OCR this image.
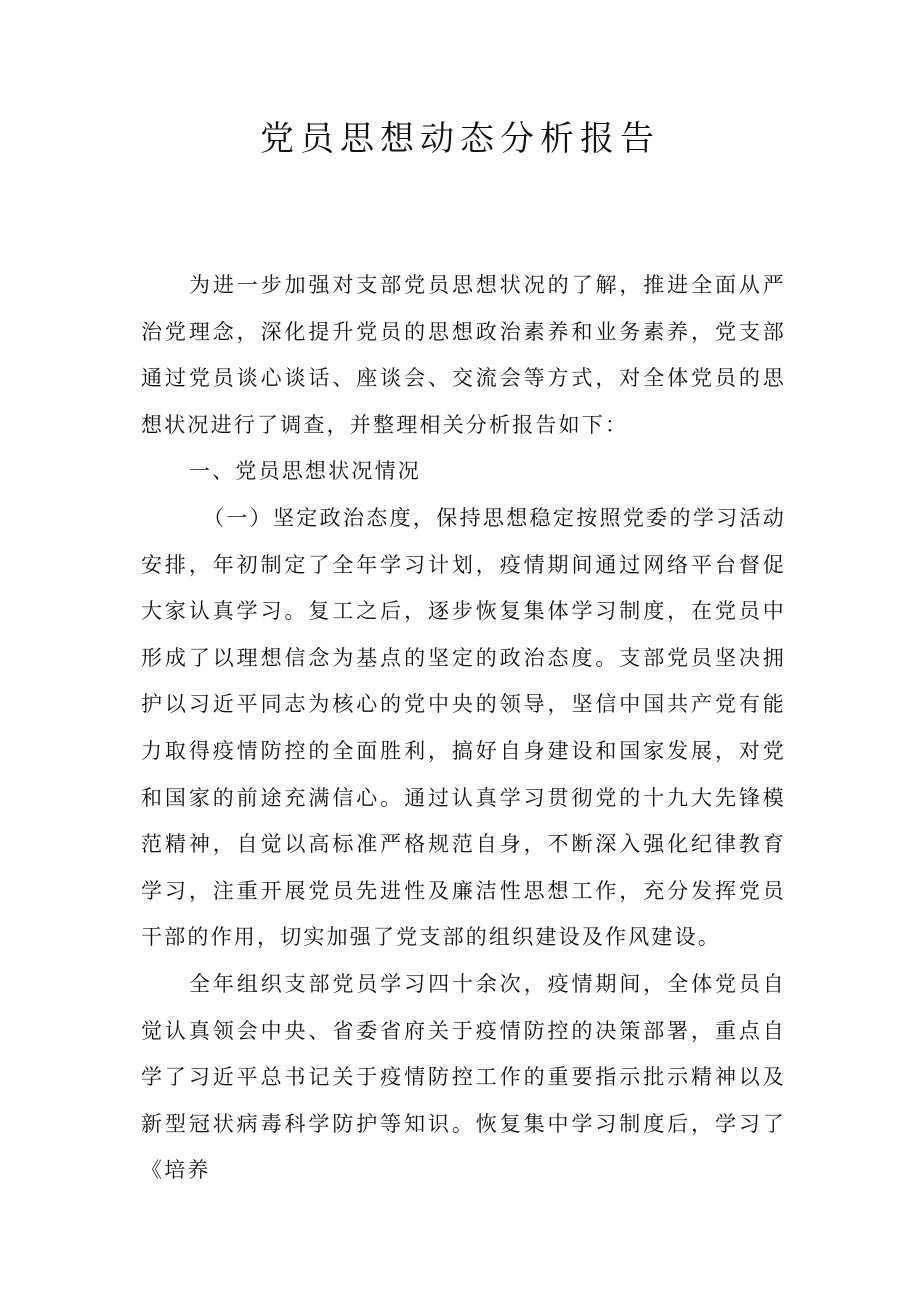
党员思想动态分析报告

为进一步加强对支部党员思想状况的了解，推进全面从严治党理念，深化提升党员的思想政治素养和业务素养，党支部通过党员谈心谈话、座谈会、交流会等方式，对全体党员的思想状况进行了调查，并整理相关分析报告如下：

一、党员思想状况情况

（一）坚定政治态度，保持思想稳定按照党委的学习活动安排，年初制定了全年学习计划，疫情期间通过网络平台督促大家认真学习。复工之后，逐步恢复集体学习制度，在党员中形成了以理想信念为基点的坚定的政治态度。支部党员坚决拥护以习近平同志为核心的党中央的领导，坚信中国共产党有能力取得疫情防控的全面胜利，搞好自身建设和国家发展，对党和国家的前途充满信心。通过认真学习贯彻党的十九大先锋模范精神，自觉以高标准严格规范自身，不断深入强化纪律教育学习，注重开展党员先进性及廉洁性思想工作，充分发挥党员干部的作用，切实加强了党支部的组织建设及作风建设。

全年组织支部党员学习四十余次，疫情期间，全体党员自觉认真领会中央、省委省府关于疫情防控的决策部署，重点自学了习近平总书记关于疫情防控工作的重要指示批示精神以及新型冠状病毒科学防护等知识。恢复集中学习制度后，学习了《培养
